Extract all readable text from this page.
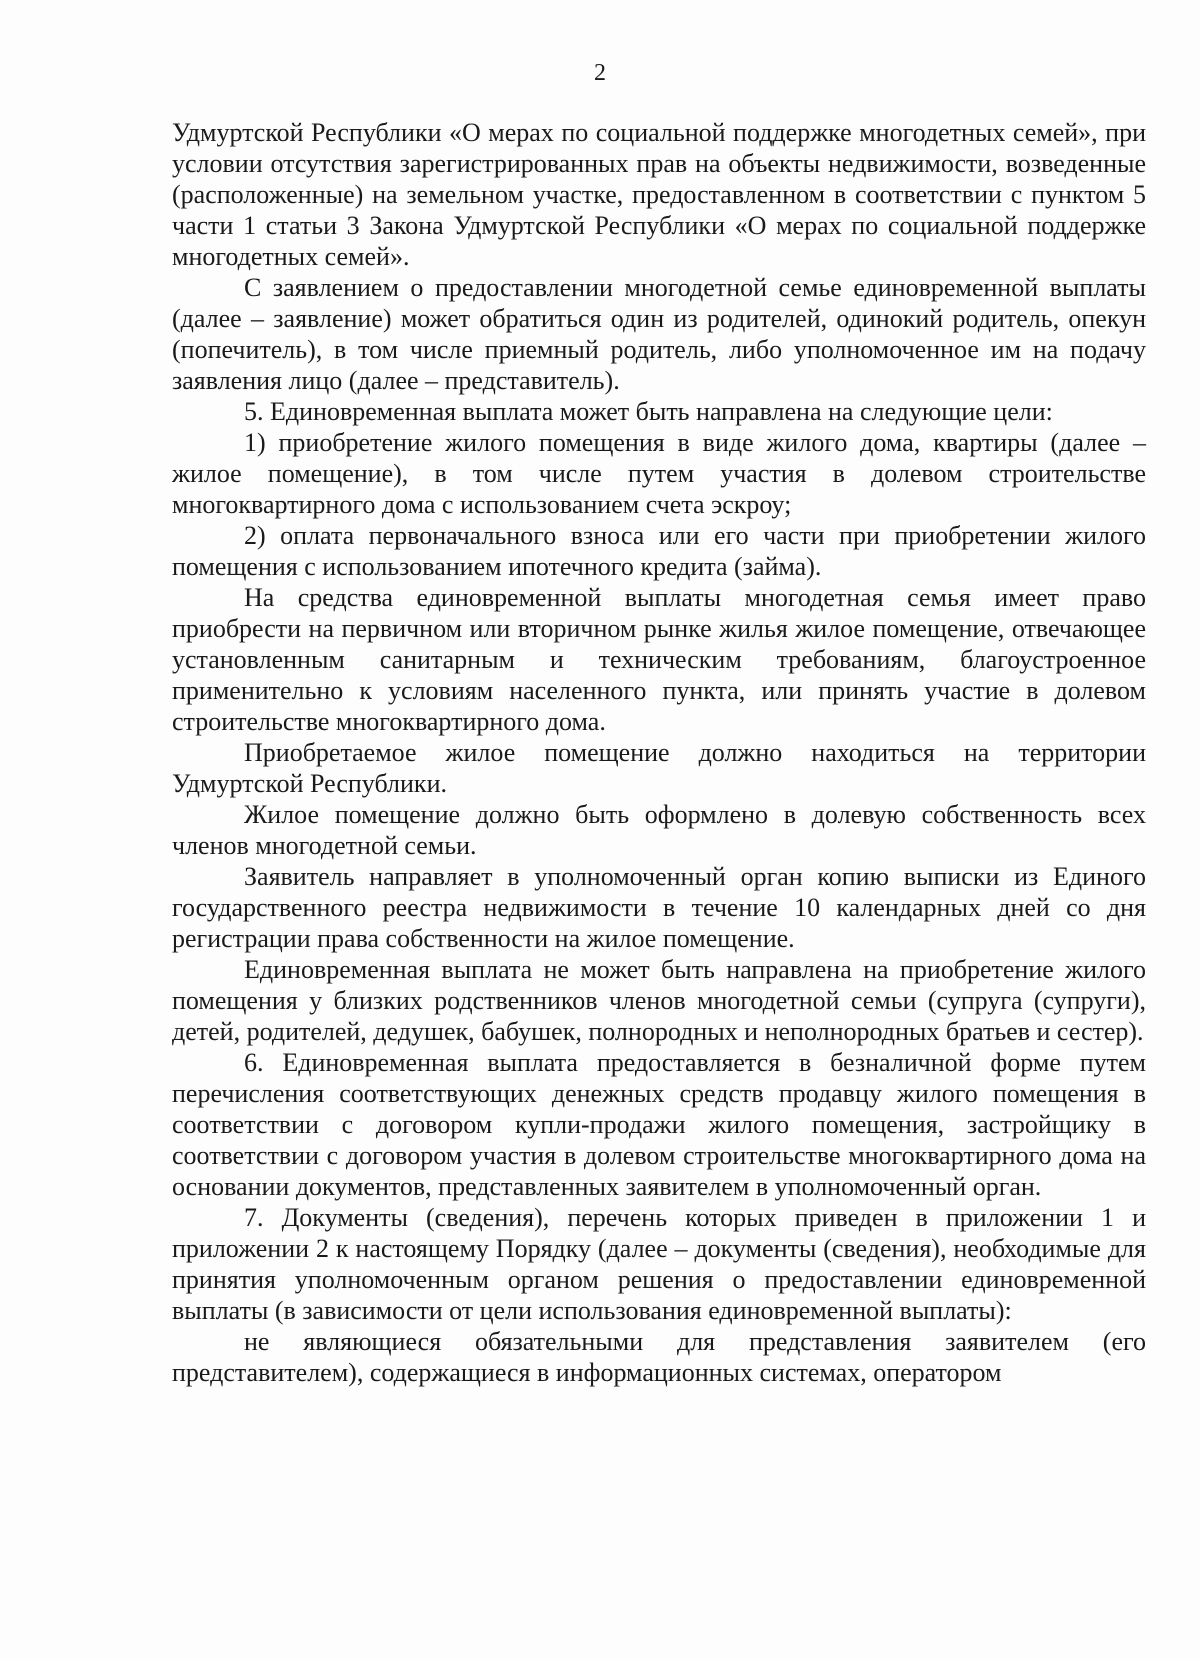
2

Удмуртской Республики «О мерах по социальной поддержке многодетных семей», при условии отсутствия зарегистрированных прав на объекты недвижимости, возведенные (расположенные) на земельном участке, предоставленном в соответствии с пунктом 5 части 1 статьи 3 Закона Удмуртской Республики «О мерах по социальной поддержке многодетных семей».

С заявлением о предоставлении многодетной семье единовременной выплаты (далее – заявление) может обратиться один из родителей, одинокий родитель, опекун (попечитель), в том числе приемный родитель, либо уполномоченное им на подачу заявления лицо (далее – представитель).

5. Единовременная выплата может быть направлена на следующие цели:

1) приобретение жилого помещения в виде жилого дома, квартиры (далее – жилое помещение), в том числе путем участия в долевом строительстве многоквартирного дома с использованием счета эскроу;

2) оплата первоначального взноса или его части при приобретении жилого помещения с использованием ипотечного кредита (займа).

На средства единовременной выплаты многодетная семья имеет право приобрести на первичном или вторичном рынке жилья жилое помещение, отвечающее установленным санитарным и техническим требованиям, благоустроенное применительно к условиям населенного пункта, или принять участие в долевом строительстве многоквартирного дома.

Приобретаемое жилое помещение должно находиться на территории Удмуртской Республики.

Жилое помещение должно быть оформлено в долевую собственность всех членов многодетной семьи.

Заявитель направляет в уполномоченный орган копию выписки из Единого государственного реестра недвижимости в течение 10 календарных дней со дня регистрации права собственности на жилое помещение.

Единовременная выплата не может быть направлена на приобретение жилого помещения у близких родственников членов многодетной семьи (супруга (супруги), детей, родителей, дедушек, бабушек, полнородных и неполнородных братьев и сестер).

6. Единовременная выплата предоставляется в безналичной форме путем перечисления соответствующих денежных средств продавцу жилого помещения в соответствии с договором купли-продажи жилого помещения, застройщику в соответствии с договором участия в долевом строительстве многоквартирного дома на основании документов, представленных заявителем в уполномоченный орган.

7. Документы (сведения), перечень которых приведен в приложении 1 и приложении 2 к настоящему Порядку (далее – документы (сведения), необходимые для принятия уполномоченным органом решения о предоставлении единовременной выплаты (в зависимости от цели использования единовременной выплаты):

не являющиеся обязательными для представления заявителем (его представителем), содержащиеся в информационных системах, оператором
